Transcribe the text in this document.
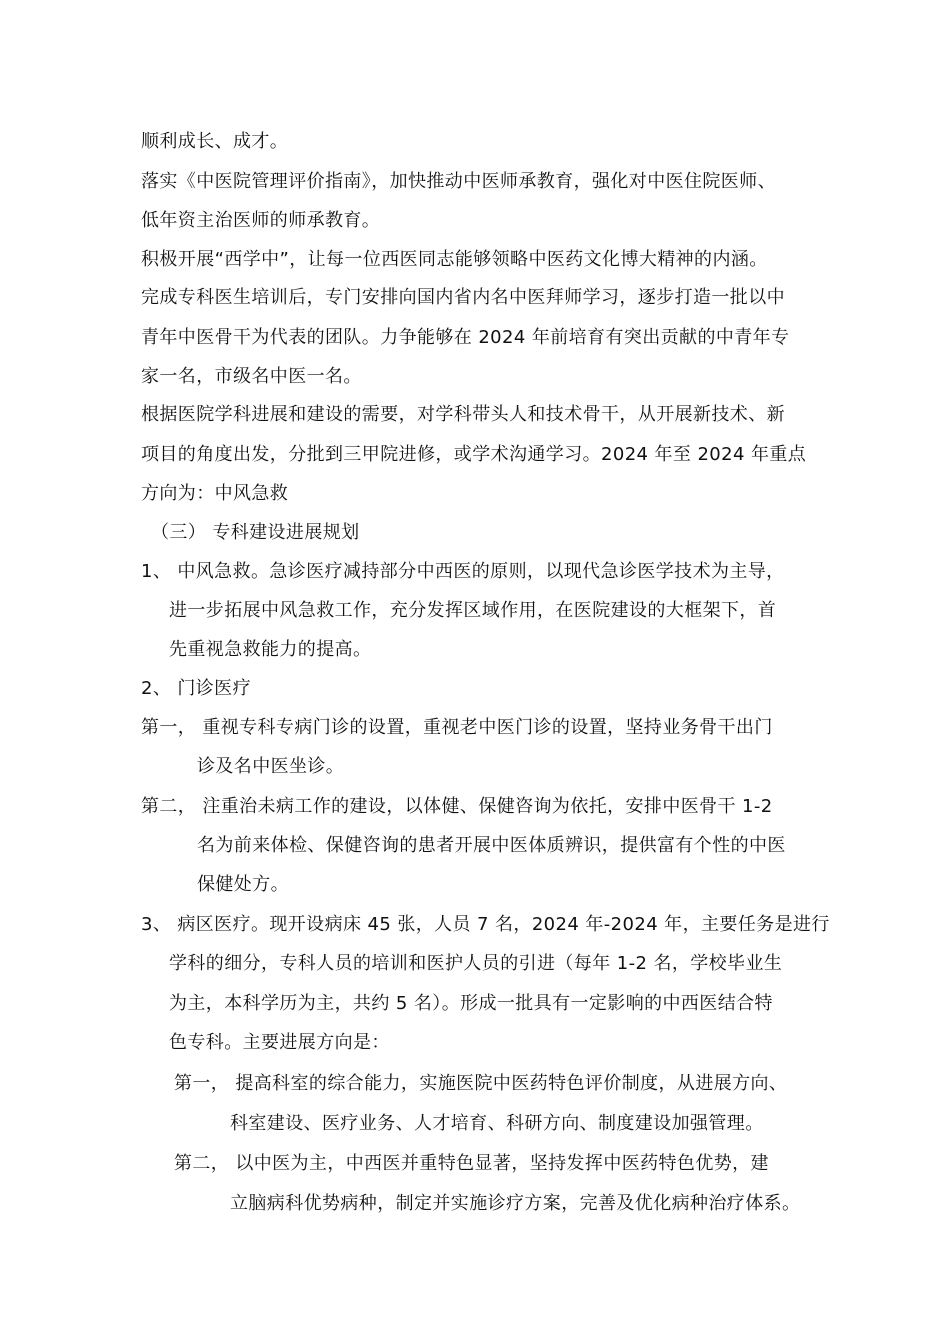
顺利成长、成才。
落实《中医院管理评价指南》，加快推动中医师承教育，强化对中医住院医师、
低年资主治医师的师承教育。
积极开展“西学中”，让每一位西医同志能够领略中医药文化博大精神的内涵。
完成专科医生培训后，专门安排向国内省内名中医拜师学习，逐步打造一批以中
青年中医骨干为代表的团队。力争能够在 2024 年前培育有突出贡献的中青年专
家一名，市级名中医一名。
根据医院学科进展和建设的需要，对学科带头人和技术骨干，从开展新技术、新
项目的角度出发，分批到三甲院进修，或学术沟通学习。2024 年至 2024 年重点
方向为：中风急救
（三） 专科建设进展规划
1、 中风急救。急诊医疗减持部分中西医的原则，以现代急诊医学技术为主导，
进一步拓展中风急救工作，充分发挥区域作用，在医院建设的大框架下，首
先重视急救能力的提高。
2、 门诊医疗
第一， 重视专科专病门诊的设置，重视老中医门诊的设置，坚持业务骨干出门
诊及名中医坐诊。
第二， 注重治未病工作的建设，以体健、保健咨询为依托，安排中医骨干 1-2
名为前来体检、保健咨询的患者开展中医体质辨识，提供富有个性的中医
保健处方。
3、 病区医疗。现开设病床 45 张，人员 7 名，2024 年-2024 年，主要任务是进行
学科的细分，专科人员的培训和医护人员的引进（每年 1-2 名，学校毕业生
为主，本科学历为主，共约 5 名）。形成一批具有一定影响的中西医结合特
色专科。主要进展方向是：
第一， 提高科室的综合能力，实施医院中医药特色评价制度，从进展方向、
科室建设、医疗业务、人才培育、科研方向、制度建设加强管理。
第二， 以中医为主，中西医并重特色显著，坚持发挥中医药特色优势，建
立脑病科优势病种，制定并实施诊疗方案，完善及优化病种治疗体系。
